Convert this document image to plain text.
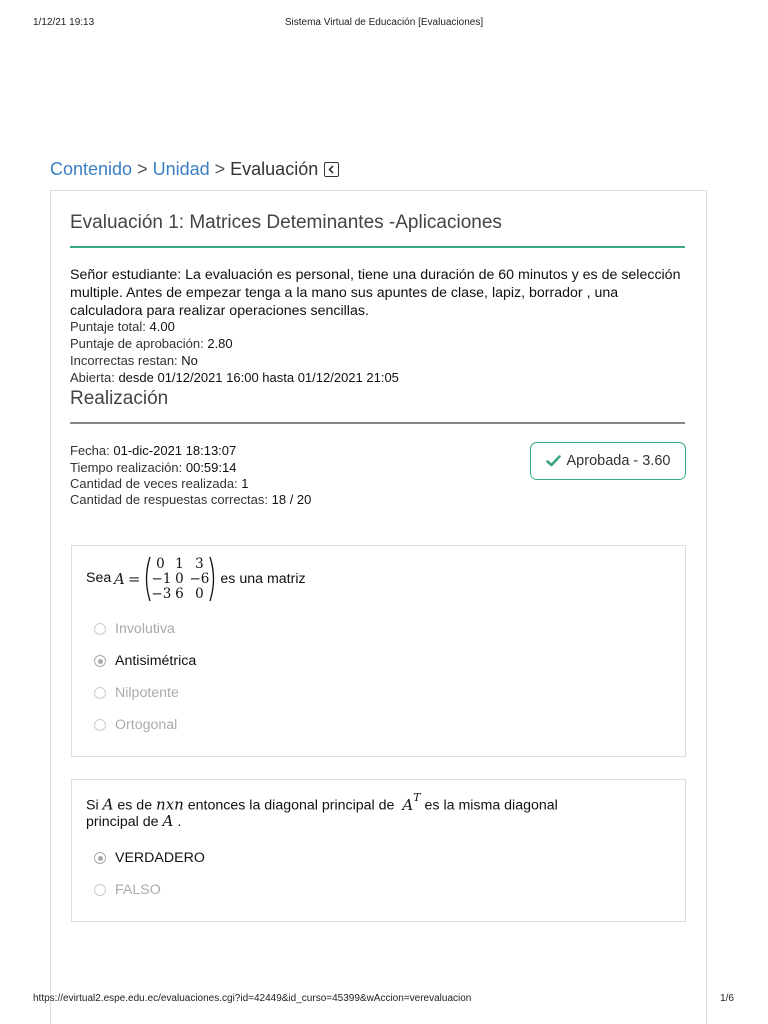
1/12/21 19:13	Sistema Virtual de Educación [Evaluaciones]
Contenido > Unidad > Evaluación
Evaluación 1: Matrices Deteminantes -Aplicaciones
Señor estudiante: La evaluación es personal, tiene una duración de 60 minutos y es de selección multiple. Antes de empezar tenga a la mano sus apuntes de clase, lapiz, borrador , una calculadora para realizar operaciones sencillas.
Puntaje total: 4.00
Puntaje de aprobación: 2.80
Incorrectas restan: No
Abierta: desde 01/12/2021 16:00 hasta 01/12/2021 21:05
Realización
Fecha: 01-dic-2021 18:13:07
Tiempo realización: 00:59:14
Cantidad de veces realizada: 1
Cantidad de respuestas correctas: 18 / 20
Aprobada - 3.60
Sea A =
0 1 3
−1 0 −6
−3 6 0
es una matriz
Involutiva
Antisimétrica
Nilpotente
Ortogonal
Si A es de nxn entonces la diagonal principal de $A^T$ es la misma diagonal
principal de A .
VERDADERO
FALSO
https://evirtual2.espe.edu.ec/evaluaciones.cgi?id=42449&id_curso=45399&wAccion=verevaluacion	1/6
